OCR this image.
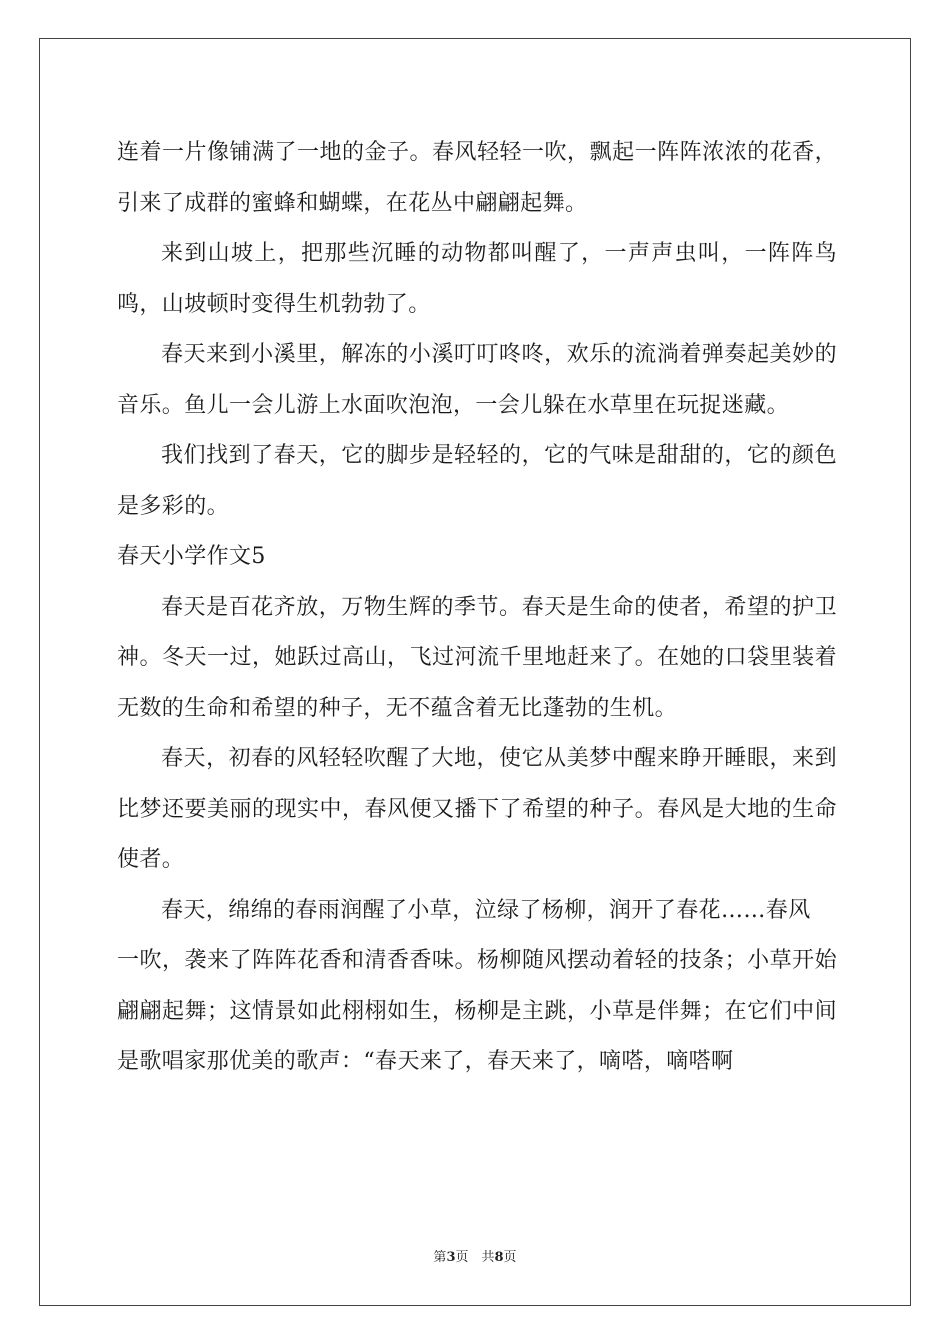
连着一片像铺满了一地的金子。春风轻轻一吹，飘起一阵阵浓浓的花香，引来了成群的蜜蜂和蝴蝶，在花丛中翩翩起舞。

来到山坡上，把那些沉睡的动物都叫醒了，一声声虫叫，一阵阵鸟鸣，山坡顿时变得生机勃勃了。

春天来到小溪里，解冻的小溪叮叮咚咚，欢乐的流淌着弹奏起美妙的音乐。鱼儿一会儿游上水面吹泡泡，一会儿躲在水草里在玩捉迷藏。

我们找到了春天，它的脚步是轻轻的，它的气味是甜甜的，它的颜色是多彩的。

春天小学作文5

春天是百花齐放，万物生辉的季节。春天是生命的使者，希望的护卫神。冬天一过，她跃过高山，飞过河流千里地赶来了。在她的口袋里装着无数的生命和希望的种子，无不蕴含着无比蓬勃的生机。

春天，初春的风轻轻吹醒了大地，使它从美梦中醒来睁开睡眼，来到比梦还要美丽的现实中，春风便又播下了希望的种子。春风是大地的生命使者。

春天，绵绵的春雨润醒了小草，泣绿了杨柳，润开了春花……春风
一吹，袭来了阵阵花香和清香香味。杨柳随风摆动着轻的技条；小草开始翩翩起舞；这情景如此栩栩如生，杨柳是主跳，小草是伴舞；在它们中间是歌唱家那优美的歌声：“春天来了，春天来了，嘀嗒，嘀嗒啊

第3页　共8页
